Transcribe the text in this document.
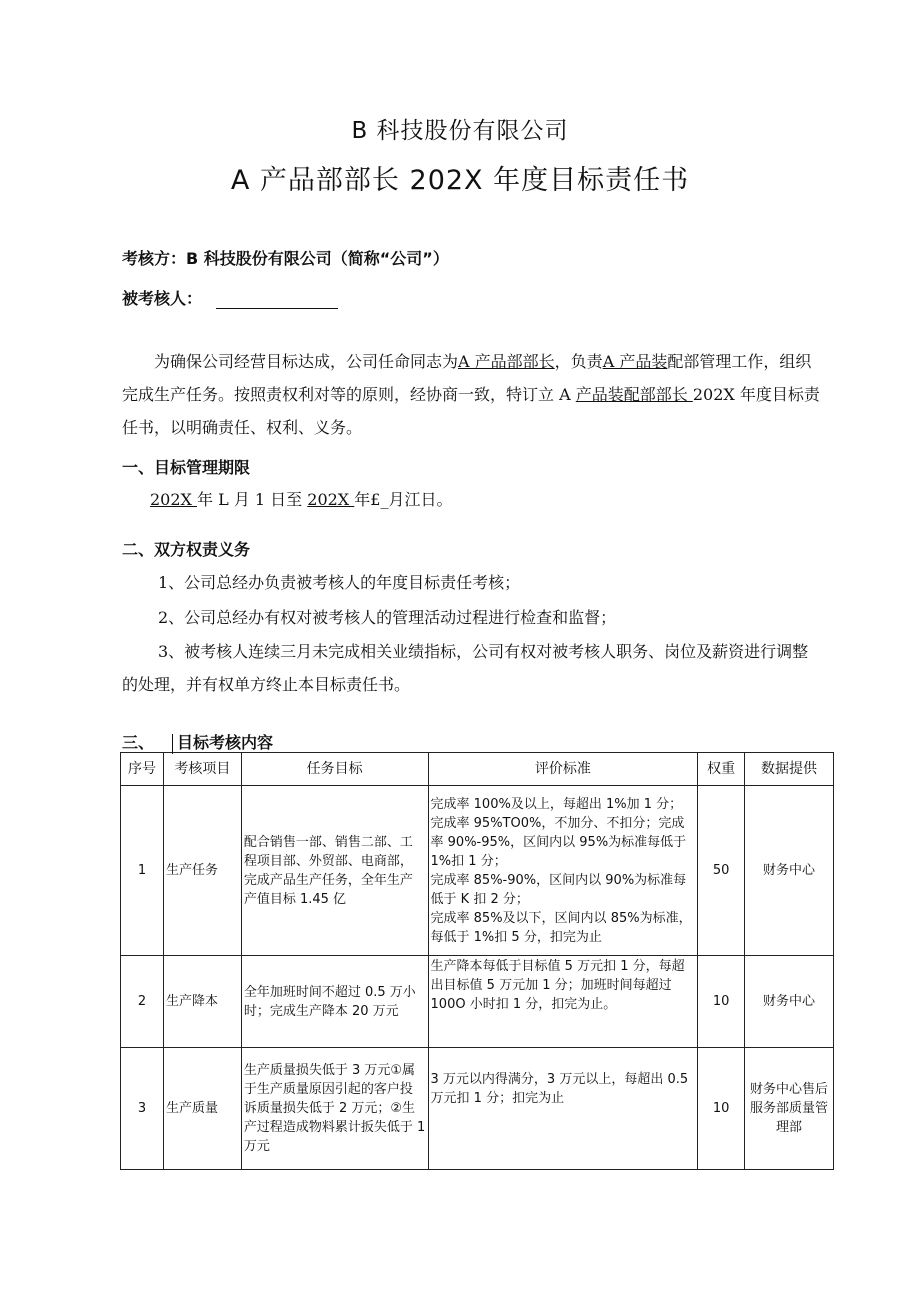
B 科技股份有限公司
A 产品部部长 202X 年度目标责任书
考核方：B 科技股份有限公司（简称“公司”）
被考核人：
为确保公司经营目标达成，公司任命同志为A 产品部部长，负责A 产品装配部管理工作，组织完成生产任务。按照责权利对等的原则，经协商一致，特订立 A 产品装配部部长 202X 年度目标责任书，以明确责任、权利、义务。
一、目标管理期限
202X 年 L 月 1 日至 202X 年£_月江日。
二、双方权责义务
1、公司总经办负责被考核人的年度目标责任考核；
2、公司总经办有权对被考核人的管理活动过程进行检查和监督；
3、被考核人连续三月未完成相关业绩指标，公司有权对被考核人职务、岗位及薪资进行调整的处理，并有权单方终止本目标责任书。
三、 目标考核内容
序号	考核项目	任务目标	评价标准	权重	数据提供
1	生产任务	配合销售一部、销售二部、工程项目部、外贸部、电商部，完成产品生产任务，全年生产产值目标 1.45 亿	完成率 100%及以上，每超出 1%加 1 分；
完成率 95%TO0%，不加分、不扣分；完成率 90%-95%，区间内以 95%为标准每低于 1%扣 1 分；
完成率 85%-90%，区间内以 90%为标准每低于 K 扣 2 分；
完成率 85%及以下，区间内以 85%为标准，每低于 1%扣 5 分，扣完为止	50	财务中心
2	生产降本	全年加班时间不超过 0.5 万小时；完成生产降本 20 万元	生产降本每低于目标值 5 万元扣 1 分，每超出目标值 5 万元加 1 分；加班时间每超过 100O 小时扣 1 分，扣完为止。	10	财务中心
3	生产质量	生产质量损失低于 3 万元①属于生产质量原因引起的客户投诉质量损失低于 2 万元；②生产过程造成物料累计扳失低于 1 万元	3 万元以内得满分，3 万元以上，每超出 0.5 万元扣 1 分；扣完为止	10	财务中心售后服务部质量管理部
